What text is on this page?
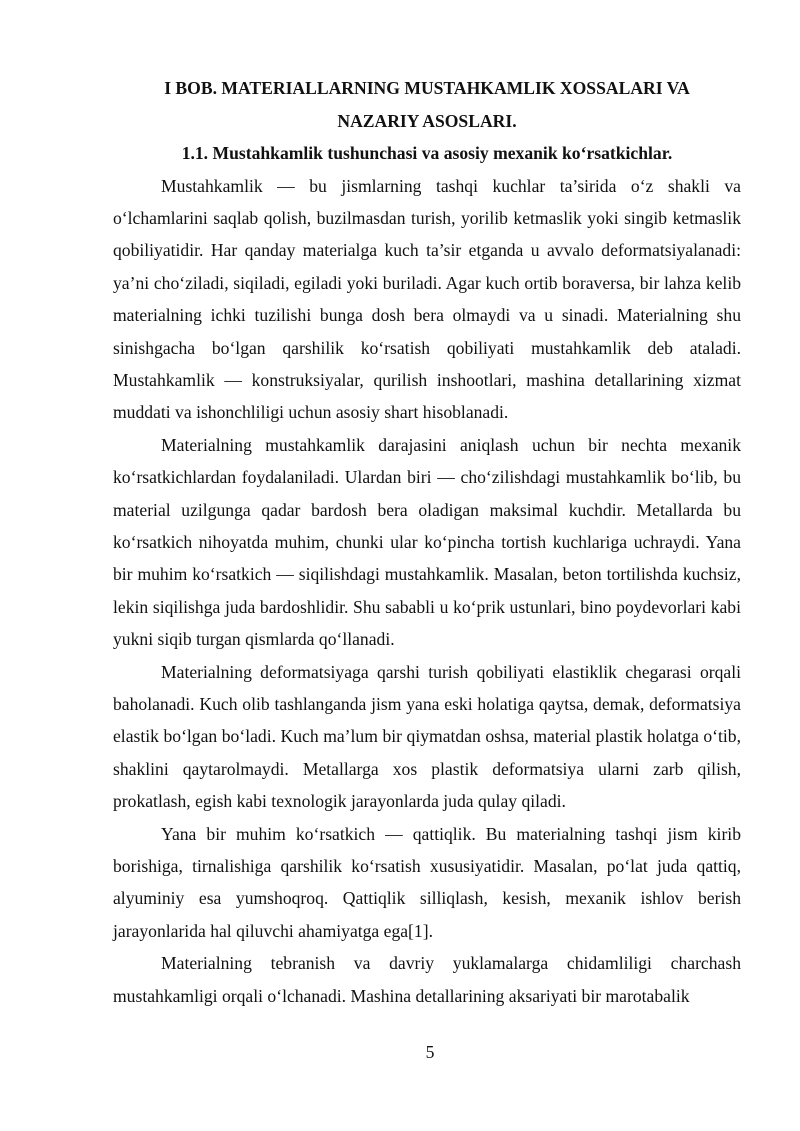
I BOB. MATERIALLARNING MUSTAHKAMLIK XOSSALARI VA

NAZARIY ASOSLARI.

1.1. Mustahkamlik tushunchasi va asosiy mexanik ko‘rsatkichlar.

Mustahkamlik — bu jismlarning tashqi kuchlar ta’sirida o‘z shakli va o‘lchamlarini saqlab qolish, buzilmasdan turish, yorilib ketmaslik yoki singib ketmaslik qobiliyatidir. Har qanday materialga kuch ta’sir etganda u avvalo deformatsiyalanadi: ya’ni cho‘ziladi, siqiladi, egiladi yoki buriladi. Agar kuch ortib boraversa, bir lahza kelib materialning ichki tuzilishi bunga dosh bera olmaydi va u sinadi. Materialning shu sinishgacha bo‘lgan qarshilik ko‘rsatish qobiliyati mustahkamlik deb ataladi. Mustahkamlik — konstruksiyalar, qurilish inshootlari, mashina detallarining xizmat muddati va ishonchliligi uchun asosiy shart hisoblanadi.

Materialning mustahkamlik darajasini aniqlash uchun bir nechta mexanik ko‘rsatkichlardan foydalaniladi. Ulardan biri — cho‘zilishdagi mustahkamlik bo‘lib, bu material uzilgunga qadar bardosh bera oladigan maksimal kuchdir. Metallarda bu ko‘rsatkich nihoyatda muhim, chunki ular ko‘pincha tortish kuchlariga uchraydi. Yana bir muhim ko‘rsatkich — siqilishdagi mustahkamlik. Masalan, beton tortilishda kuchsiz, lekin siqilishga juda bardoshlidir. Shu sababli u ko‘prik ustunlari, bino poydevorlari kabi yukni siqib turgan qismlarda qo‘llanadi.

Materialning deformatsiyaga qarshi turish qobiliyati elastiklik chegarasi orqali baholanadi. Kuch olib tashlanganda jism yana eski holatiga qaytsa, demak, deformatsiya elastik bo‘lgan bo‘ladi. Kuch ma’lum bir qiymatdan oshsa, material plastik holatga o‘tib, shaklini qaytarolmaydi. Metallarga xos plastik deformatsiya ularni zarb qilish, prokatlash, egish kabi texnologik jarayonlarda juda qulay qiladi.

Yana bir muhim ko‘rsatkich — qattiqlik. Bu materialning tashqi jism kirib borishiga, tirnalishiga qarshilik ko‘rsatish xususiyatidir. Masalan, po‘lat juda qattiq, alyuminiy esa yumshoqroq. Qattiqlik silliqlash, kesish, mexanik ishlov berish jarayonlarida hal qiluvchi ahamiyatga ega[1].

Materialning tebranish va davriy yuklamalarga chidamliligi charchash mustahkamligi orqali o‘lchanadi. Mashina detallarining aksariyati bir marotabalik

5
